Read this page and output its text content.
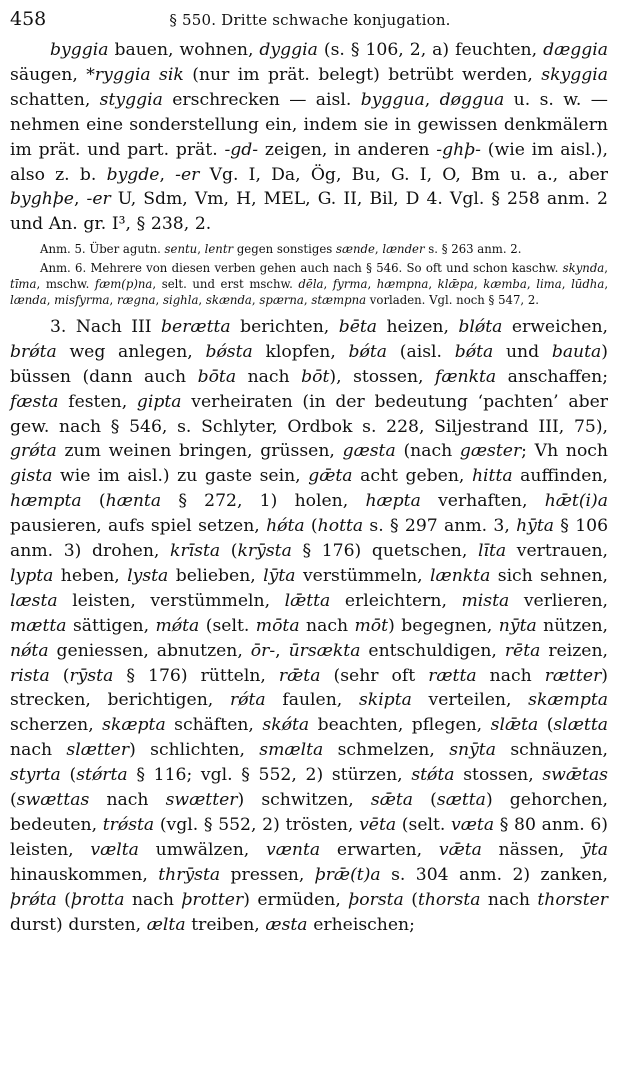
458	§ 550. Dritte schwache konjugation.

byggia bauen, wohnen, dyggia (s. § 106, 2, a) feuchten, dæggia säugen, *ryggia sik (nur im prät. belegt) betrübt werden, skyggia schatten, styggia erschrecken — aisl. byggua, døggua u. s. w. — nehmen eine sonderstellung ein, indem sie in gewissen denkmälern im prät. und part. prät. -gd- zeigen, in anderen -ghþ- (wie im aisl.), also z. b. bygde, -er Vg. I, Da, Ög, Bu, G. I, O, Bm u. a., aber byghþe, -er U, Sdm, Vm, H, MEL, G. II, Bil, D 4. Vgl. § 258 anm. 2 und An. gr. I³, § 238, 2.

Anm. 5. Über agutn. sentu, lentr gegen sonstiges sænde, lænder s. § 263 anm. 2.

Anm. 6. Mehrere von diesen verben gehen auch nach § 546. So oft und schon kaschw. skynda, tīma, mschw. fæm(p)na, selt. und erst mschw. dēla, fyrma, hæmpna, klǣpa, kæmba, lima, lūdha, lænda, misfyrma, rægna, sighla, skænda, spærna, stæmpna vorladen. Vgl. noch § 547, 2.

3. Nach III berætta berichten, bēta heizen, blǿta erweichen, brǿta weg anlegen, bǿsta klopfen, bǿta (aisl. bǿta und bauta) büssen (dann auch bōta nach bōt), stossen, fænkta anschaffen; fæsta festen, gipta verheiraten (in der bedeutung ‘pachten’ aber gew. nach § 546, s. Schlyter, Ordbok s. 228, Siljestrand III, 75), grǿta zum weinen bringen, grüssen, gæsta (nach gæster; Vh noch gista wie im aisl.) zu gaste sein, gǣta acht geben, hitta auffinden, hæmpta (hænta § 272, 1) holen, hæpta verhaften, hǣt(i)a pausieren, aufs spiel setzen, hǿta (hotta s. § 297 anm. 3, hȳta § 106 anm. 3) drohen, krīsta (krȳsta § 176) quetschen, līta vertrauen, lypta heben, lysta belieben, lȳta verstümmeln, lænkta sich sehnen, læsta leisten, verstümmeln, lǣtta erleichtern, mista verlieren, mætta sättigen, mǿta (selt. mōta nach mōt) begegnen, nȳta nützen, nǿta geniessen, abnutzen, ōr-, ūrsækta entschuldigen, rēta reizen, rista (rȳsta § 176) rütteln, rǣta (sehr oft rætta nach rætter) strecken, berichtigen, rǿta faulen, skipta verteilen, skæmpta scherzen, skæpta schäften, skǿta beachten, pflegen, slǣta (slætta nach slætter) schlichten, smælta schmelzen, snȳta schnäuzen, styrta (stǿrta § 116; vgl. § 552, 2) stürzen, stǿta stossen, swǣtas (swættas nach swætter) schwitzen, sǣta (sætta) gehorchen, bedeuten, trǿsta (vgl. § 552, 2) trösten, vēta (selt. væta § 80 anm. 6) leisten, vælta umwälzen, vænta erwarten, vǣta nässen, ȳta hinauskommen, thrȳsta pressen, þrǣ(t)a s. 304 anm. 2) zanken, þrǿta (þrotta nach þrotter) ermüden, þorsta (thorsta nach thorster durst) dursten, ælta treiben, æsta erheischen;
